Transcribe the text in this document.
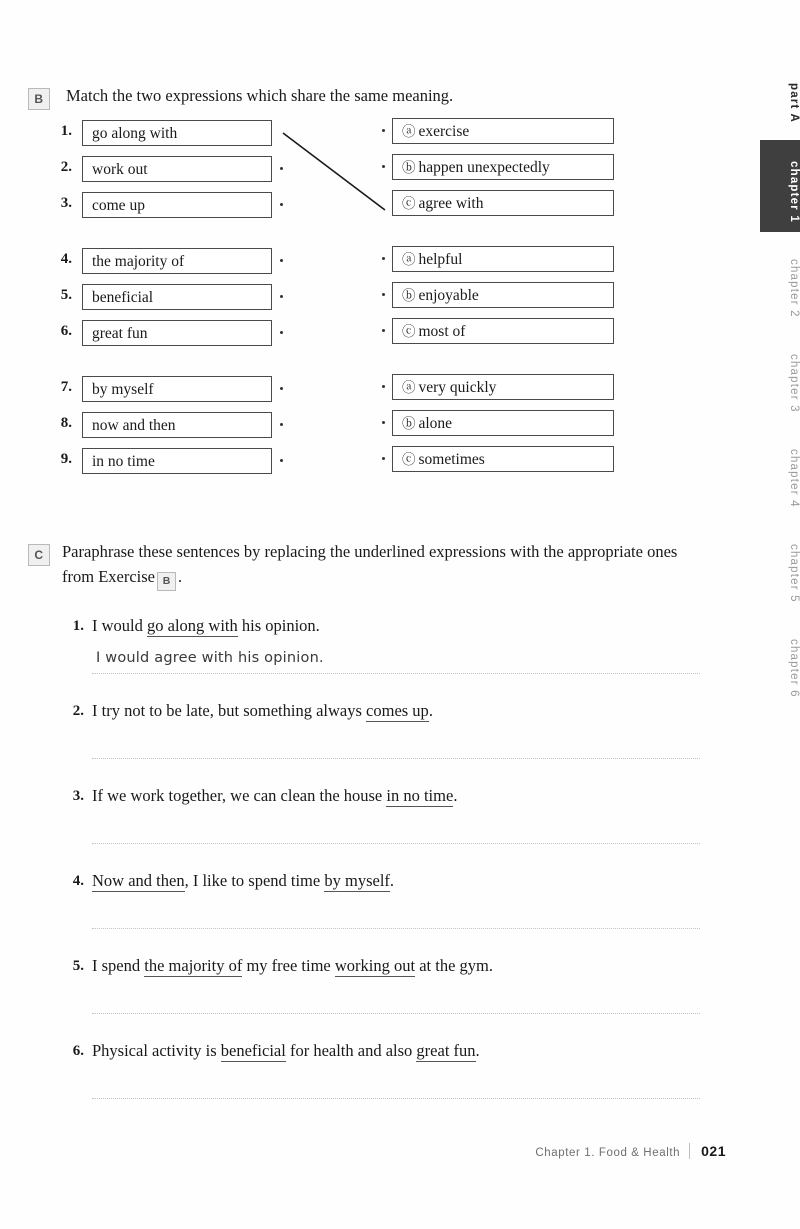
B	Match the two expressions which share the same meaning.
1.	go along with
2.	work out
3.	come up
ⓐ exercise
ⓑ happen unexpectedly
ⓒ agree with
4.	the majority of
5.	beneficial
6.	great fun
ⓐ helpful
ⓑ enjoyable
ⓒ most of
7.	by myself
8.	now and then
9.	in no time
ⓐ very quickly
ⓑ alone
ⓒ sometimes
C	Paraphrase these sentences by replacing the underlined expressions with the appropriate ones from Exercise B .
1. I would go along with his opinion.
I would agree with his opinion.
2. I try not to be late, but something always comes up.
3. If we work together, we can clean the house in no time.
4. Now and then, I like to spend time by myself.
5. I spend the majority of my free time working out at the gym.
6. Physical activity is beneficial for health and also great fun.
part A
chapter 1
chapter 2
chapter 3
chapter 4
chapter 5
chapter 6
Chapter 1. Food & Health 021
